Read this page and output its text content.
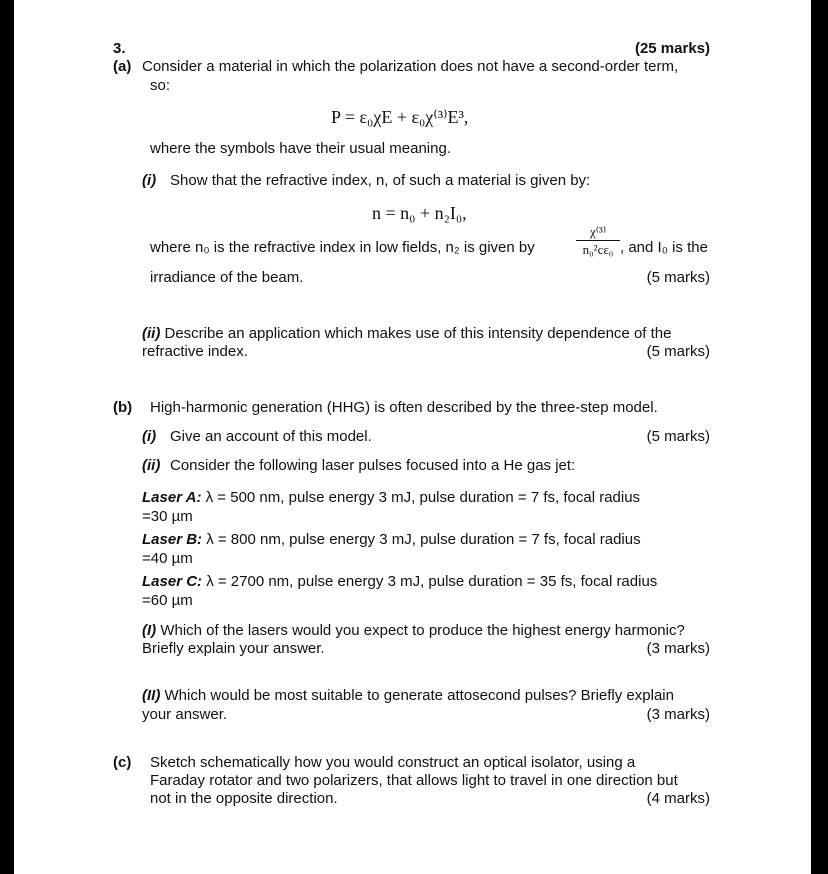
3.	(25 marks)
(a) Consider a material in which the polarization does not have a second-order term,
so:
P = ε₀χE + ε₀χ⁽³⁾E³,
where the symbols have their usual meaning.
(i) Show that the refractive index, n, of such a material is given by:
n = n₀ + n₂I₀,
where n₀ is the refractive index in low fields, n₂ is given by
χ⁽³⁾
n₀²cε₀ , and I₀ is the
irradiance of the beam.	(5 marks)
(ii) Describe an application which makes use of this intensity dependence of the
refractive index.	(5 marks)
(b) High-harmonic generation (HHG) is often described by the three-step model.
(i) Give an account of this model.	(5 marks)
(ii) Consider the following laser pulses focused into a He gas jet:
Laser A: λ = 500 nm, pulse energy 3 mJ, pulse duration = 7 fs, focal radius
=30 µm
Laser B: λ = 800 nm, pulse energy 3 mJ, pulse duration = 7 fs, focal radius
=40 µm
Laser C: λ = 2700 nm, pulse energy 3 mJ, pulse duration = 35 fs, focal radius
=60 µm
(I) Which of the lasers would you expect to produce the highest energy harmonic?
Briefly explain your answer.	(3 marks)
(II) Which would be most suitable to generate attosecond pulses? Briefly explain
your answer.	(3 marks)
(c) Sketch schematically how you would construct an optical isolator, using a
Faraday rotator and two polarizers, that allows light to travel in one direction but
not in the opposite direction.	(4 marks)
